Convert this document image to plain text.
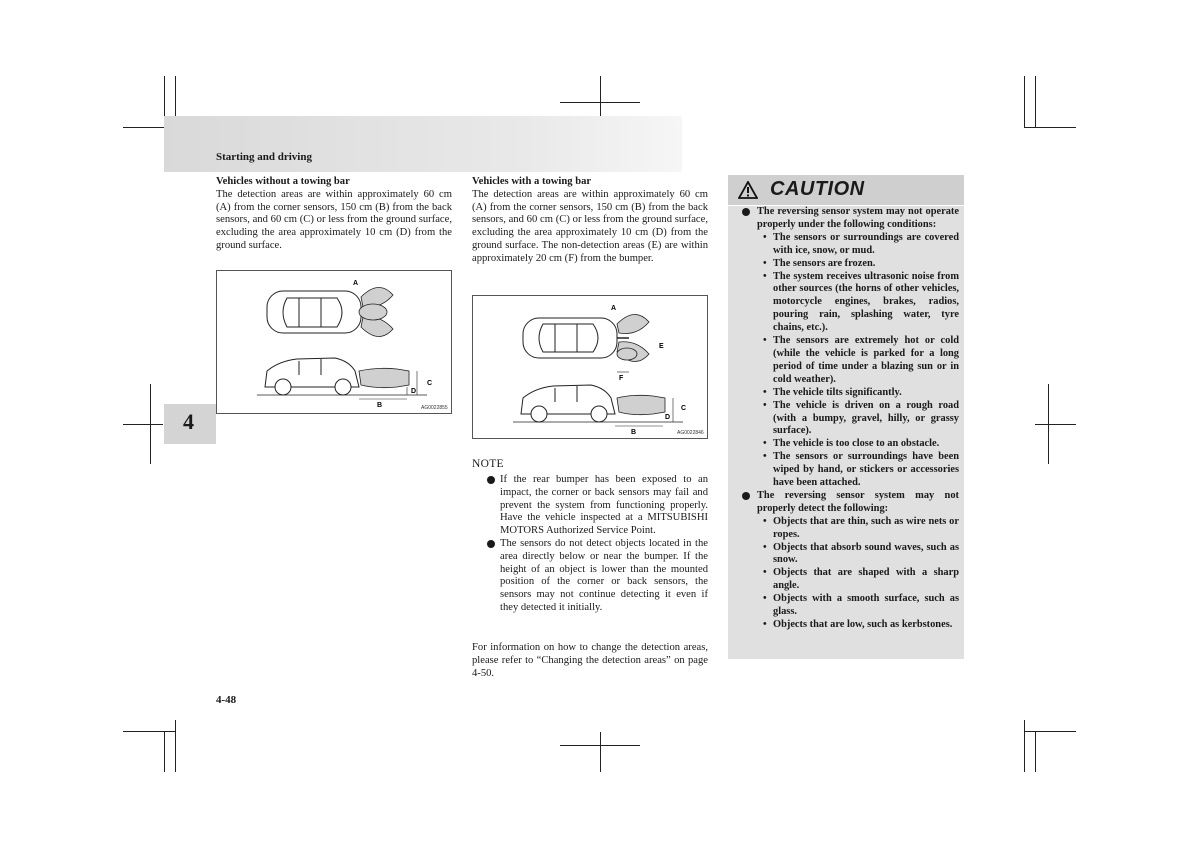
Starting and driving
4
Vehicles without a towing bar

The detection areas are within approximately 60 cm (A) from the corner sensors, 150 cm (B) from the back sensors, and 60 cm (C) or less from the ground surface, excluding the area approximately 10 cm (D) from the ground surface.

A
B
C
D
AG0022855
Vehicles with a towing bar

The detection areas are within approximately 60 cm (A) from the corner sensors, 150 cm (B) from the back sensors, and 60 cm (C) or less from the ground surface, excluding the area approximately 10 cm (D) from the ground surface. The non-detection areas (E) are within approximately 20 cm (F) from the bumper.

A
E
F
B
C
D
AG0022846
NOTE
If the rear bumper has been exposed to an impact, the corner or back sensors may fail and prevent the system from functioning properly. Have the vehicle inspected at a MITSUBISHI MOTORS Authorized Service Point.
The sensors do not detect objects located in the area directly below or near the bumper. If the height of an object is lower than the mounted position of the corner or back sensors, the sensors may not continue detecting it even if they detected it initially.
For information on how to change the detection areas, please refer to “Changing the detection areas” on page 4-50.
CAUTION
The reversing sensor system may not operate properly under the following conditions:
• The sensors or surroundings are covered with ice, snow, or mud.
• The sensors are frozen.
• The system receives ultrasonic noise from other sources (the horns of other vehicles, motorcycle engines, brakes, radios, pouring rain, splashing water, tyre chains, etc.).
• The sensors are extremely hot or cold (while the vehicle is parked for a long period of time under a blazing sun or in cold weather).
• The vehicle tilts significantly.
• The vehicle is driven on a rough road (with a bumpy, gravel, hilly, or grassy surface).
• The vehicle is too close to an obstacle.
• The sensors or surroundings have been wiped by hand, or stickers or accessories have been attached.
The reversing sensor system may not properly detect the following:
• Objects that are thin, such as wire nets or ropes.
• Objects that absorb sound waves, such as snow.
• Objects that are shaped with a sharp angle.
• Objects with a smooth surface, such as glass.
• Objects that are low, such as kerbstones.
4-48
